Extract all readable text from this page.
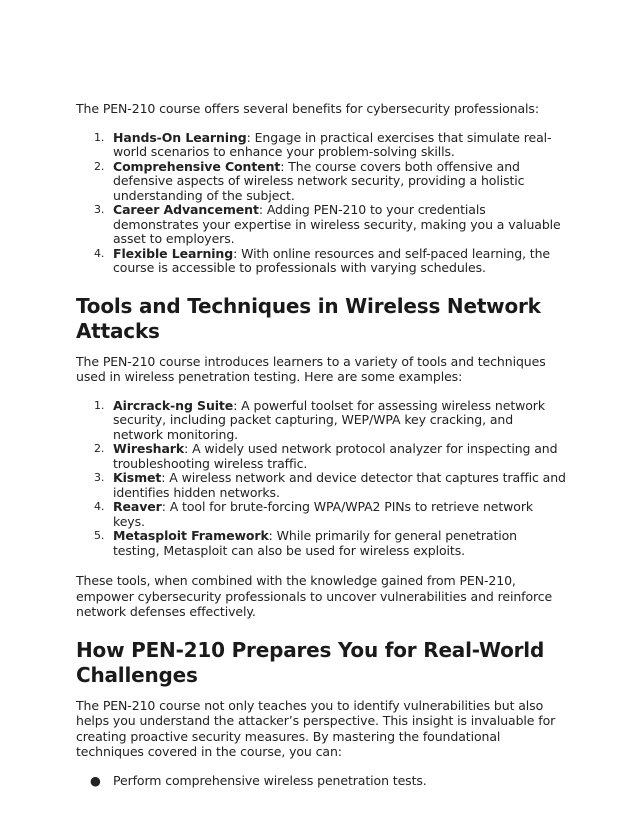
The PEN-210 course offers several benefits for cybersecurity professionals:

1. Hands-On Learning: Engage in practical exercises that simulate real-world scenarios to enhance your problem-solving skills.
2. Comprehensive Content: The course covers both offensive and defensive aspects of wireless network security, providing a holistic understanding of the subject.
3. Career Advancement: Adding PEN-210 to your credentials demonstrates your expertise in wireless security, making you a valuable asset to employers.
4. Flexible Learning: With online resources and self-paced learning, the course is accessible to professionals with varying schedules.
Tools and Techniques in Wireless Network Attacks

The PEN-210 course introduces learners to a variety of tools and techniques used in wireless penetration testing. Here are some examples:

1. Aircrack-ng Suite: A powerful toolset for assessing wireless network security, including packet capturing, WEP/WPA key cracking, and network monitoring.
2. Wireshark: A widely used network protocol analyzer for inspecting and troubleshooting wireless traffic.
3. Kismet: A wireless network and device detector that captures traffic and identifies hidden networks.
4. Reaver: A tool for brute-forcing WPA/WPA2 PINs to retrieve network keys.
5. Metasploit Framework: While primarily for general penetration testing, Metasploit can also be used for wireless exploits.

These tools, when combined with the knowledge gained from PEN-210, empower cybersecurity professionals to uncover vulnerabilities and reinforce network defenses effectively.

How PEN-210 Prepares You for Real-World Challenges

The PEN-210 course not only teaches you to identify vulnerabilities but also helps you understand the attacker’s perspective. This insight is invaluable for creating proactive security measures. By mastering the foundational techniques covered in the course, you can:

● Perform comprehensive wireless penetration tests.
